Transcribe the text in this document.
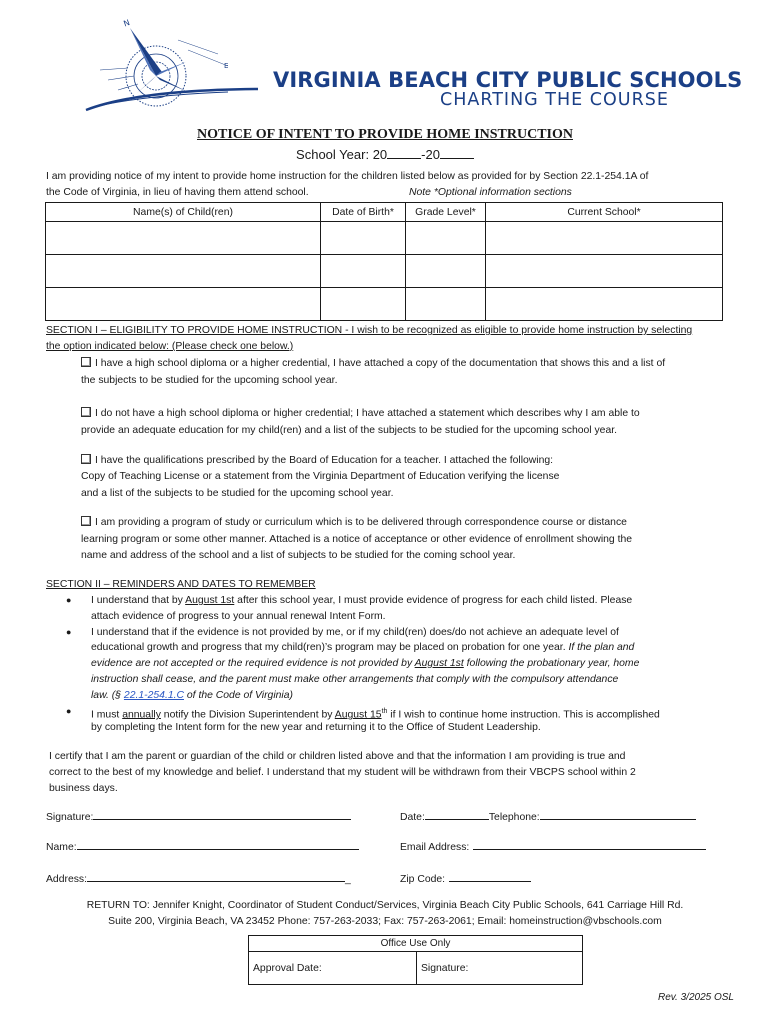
N
E
VIRGINIA BEACH CITY PUBLIC SCHOOLS
CHARTING THE COURSE
NOTICE OF INTENT TO PROVIDE HOME INSTRUCTION
School Year: 20	-20
I am providing notice of my intent to provide home instruction for the children listed below as provided for by Section 22.1-254.1A of
the Code of Virginia, in lieu of having them attend school.	Note *Optional information sections
Name(s) of Child(ren)	Date of Birth*	Grade Level*	Current School*

SECTION I – ELIGIBILITY TO PROVIDE HOME INSTRUCTION - I wish to be recognized as eligible to provide home instruction by selecting
the option indicated below: (Please check one below.)
I have a high school diploma or a higher credential, I have attached a copy of the documentation that shows this and a list of
the subjects to be studied for the upcoming school year.
I do not have a high school diploma or higher credential; I have attached a statement which describes why I am able to
provide an adequate education for my child(ren) and a list of the subjects to be studied for the upcoming school year.
I have the qualifications prescribed by the Board of Education for a teacher. I attached the following:
Copy of Teaching License or a statement from the Virginia Department of Education verifying the license
and a list of the subjects to be studied for the upcoming school year.
I am providing a program of study or curriculum which is to be delivered through correspondence course or distance
learning program or some other manner. Attached is a notice of acceptance or other evidence of enrollment showing the
name and address of the school and a list of subjects to be studied for the coming school year.
SECTION II – REMINDERS AND DATES TO REMEMBER
● I understand that by August 1st after this school year, I must provide evidence of progress for each child listed. Please
attach evidence of progress to your annual renewal Intent Form.
● I understand that if the evidence is not provided by me, or if my child(ren) does/do not achieve an adequate level of
educational growth and progress that my child(ren)’s program may be placed on probation for one year. If the plan and
evidence are not accepted or the required evidence is not provided by August 1st following the probationary year, home
instruction shall cease, and the parent must make other arrangements that comply with the compulsory attendance
law. (§ 22.1-254.1.C of the Code of Virginia)
● I must annually notify the Division Superintendent by August 15th if I wish to continue home instruction. This is accomplished
by completing the Intent form for the new year and returning it to the Office of Student Leadership.
I certify that I am the parent or guardian of the child or children listed above and that the information I am providing is true and
correct to the best of my knowledge and belief. I understand that my student will be withdrawn from their VBCPS school within 2
business days.
Signature:	Date:	Telephone:
Name:	Email Address:
Address:	_	Zip Code:
RETURN TO: Jennifer Knight, Coordinator of Student Conduct/Services, Virginia Beach City Public Schools, 641 Carriage Hill Rd.
Suite 200, Virginia Beach, VA 23452 Phone: 757-263-2033; Fax: 757-263-2061; Email: homeinstruction@vbschools.com
Office Use Only
Approval Date:	Signature:
Rev. 3/2025 OSL
